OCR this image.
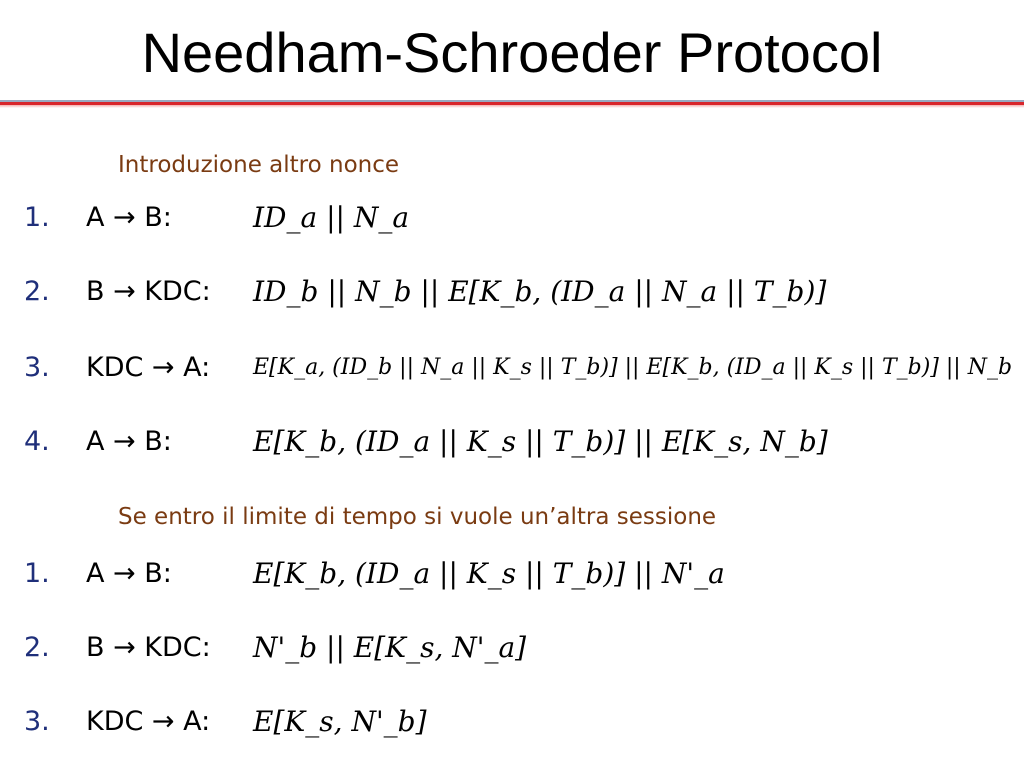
Needham-Schroeder Protocol
Introduzione altro nonce
1. A → B:	ID_a || N_a
2. B → KDC: ID_b || N_b || E[K_b, (ID_a || N_a || T_b)]
3. KDC → A: E[K_a, (ID_b || N_a || K_s || T_b)] || E[K_b, (ID_a || K_s || T_b)] || N_b
4. A → B:	E[K_b, (ID_a || K_s || T_b)] || E[K_s, N_b]
Se entro il limite di tempo si vuole un’altra sessione
1. A → B:	E[K_b, (ID_a || K_s || T_b)] || N'_a
2. B → KDC: N'_b || E[K_s, N'_a]
3. KDC → A: E[K_s, N'_b]
